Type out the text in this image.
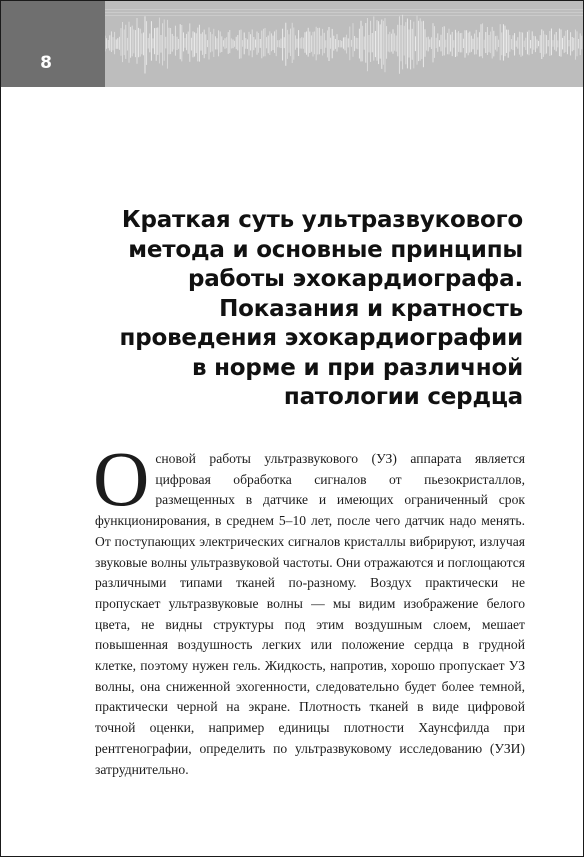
8
Краткая суть ультразвукового
метода и основные принципы
работы эхокардиографа.
Показания и кратность
проведения эхокардиографии
в норме и при различной
патологии сердца
Основой работы ультразвукового (УЗ) аппарата является цифровая обработка сигналов от пьезокристаллов, размещенных в датчике и имеющих ограниченный срок функционирования, в среднем 5–10 лет, после чего датчик надо менять. От поступающих электрических сигналов кристаллы вибрируют, излучая звуковые волны ультразвуковой частоты. Они отражаются и поглощаются различными типами тканей по-разному. Воздух практически не пропускает ультразвуковые волны — мы видим изображение белого цвета, не видны структуры под этим воздушным слоем, мешает повышенная воздушность легких или положение сердца в грудной клетке, поэтому нужен гель. Жидкость, напротив, хорошо пропускает УЗ волны, она сниженной эхогенности, следовательно будет более темной, практически черной на экране. Плотность тканей в виде цифровой точной оценки, например единицы плотности Хаунсфилда при рентгенографии, определить по ультразвуковому исследованию (УЗИ) затруднительно.
